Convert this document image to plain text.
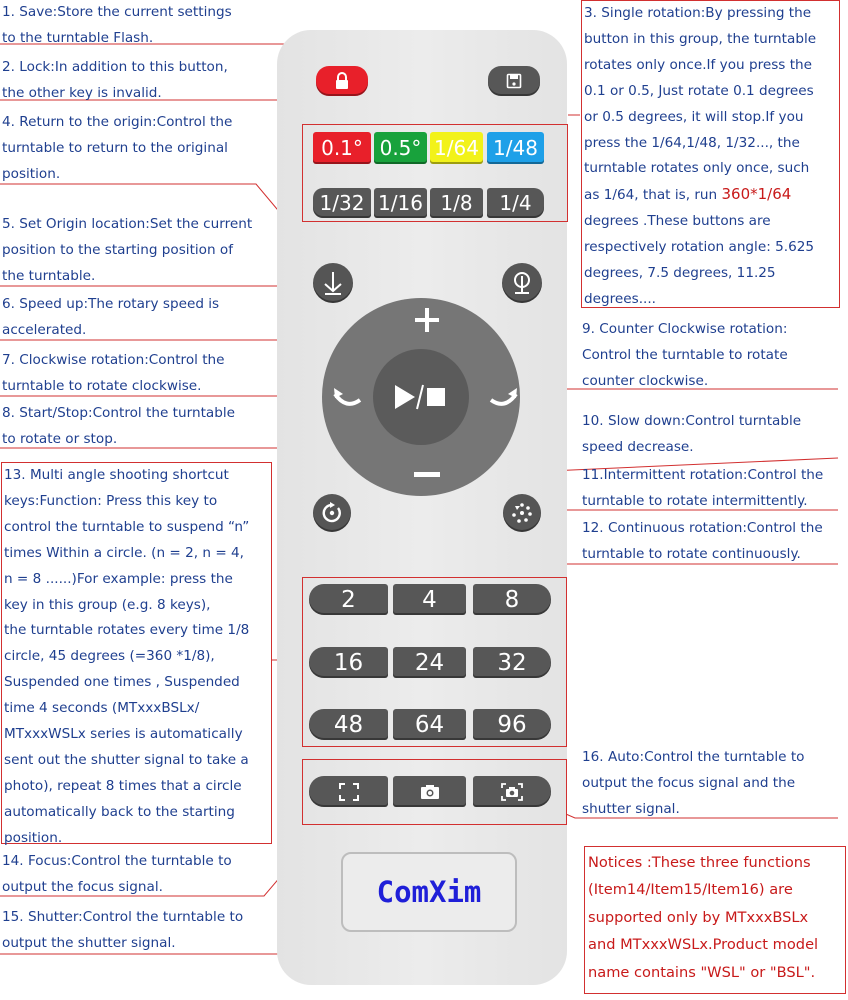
1. Save:Store the current settings
to the turntable Flash.
2. Lock:In addition to this button,
the other key is invalid.
4. Return to the origin:Control the
turntable to return to the original
position.
5. Set Origin location:Set the current
position to the starting position of
the turntable.
6. Speed up:The rotary speed is
accelerated.
7. Clockwise rotation:Control the
turntable to rotate clockwise.
8. Start/Stop:Control the turntable
to rotate or stop.
13. Multi angle shooting shortcut
keys:Function: Press this key to
control the turntable to suspend “n”
times Within a circle. (n = 2, n = 4,
n = 8 ......)For example: press the
key in this group (e.g. 8 keys),
the turntable rotates every time 1/8
circle, 45 degrees (=360 *1/8),
Suspended one times , Suspended
time 4 seconds (MTxxxBSLx/
MTxxxWSLx series is automatically
sent out the shutter signal to take a
photo), repeat 8 times that a circle
automatically back to the starting
position.
14. Focus:Control the turntable to
output the focus signal.
15. Shutter:Control the turntable to
output the shutter signal.
3. Single rotation:By pressing the
button in this group, the turntable
rotates only once.If you press the
0.1 or 0.5, Just rotate 0.1 degrees
or 0.5 degrees, it will stop.If you
press the 1/64,1/48, 1/32..., the
turntable rotates only once, such
as 1/64, that is, run 360*1/64
degrees .These buttons are
respectively rotation angle: 5.625
degrees, 7.5 degrees, 11.25
degrees....
9. Counter Clockwise rotation:
Control the turntable to rotate
counter clockwise.
10. Slow down:Control turntable
speed decrease.
11.Intermittent rotation:Control the
turntable to rotate intermittently.
12. Continuous rotation:Control the
turntable to rotate continuously.
16. Auto:Control the turntable to
output the focus signal and the
shutter signal.
Notices :These three functions
(Item14/Item15/Item16) are
supported only by MTxxxBSLx
and MTxxxWSLx.Product model
name contains "WSL" or "BSL".
0.1° 0.5° 1/64 1/48
1/32 1/16 1/8 1/4
2	4	8
16 24 32
48 64 96
ComXim
